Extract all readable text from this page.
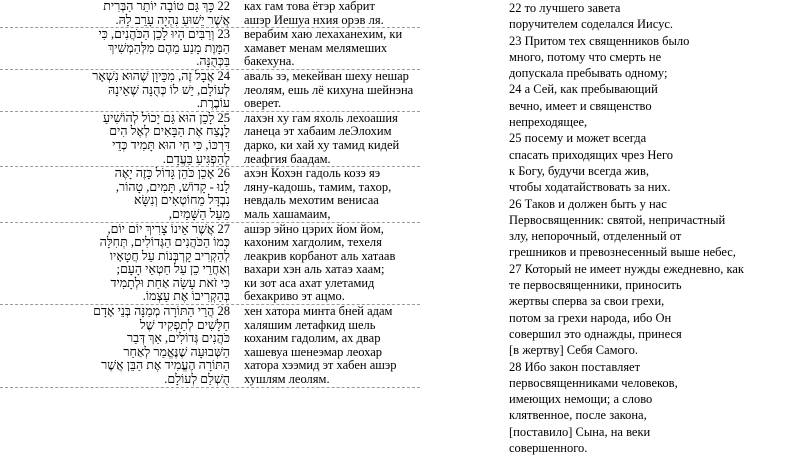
22 כָּךְ גַּם טוֹבָה יוֹתֵר הַבְּרִית
אֲשֶׁר יֵשׁוּעַ נִהְיָה עָרֵב לָהּ.
ках гам това ётэр хабрит
ашэр Иешуа нхия орэв ля.
23 וְרַבִּים הָיוּ לָכֵן הַכֹּהֲנִים, כִּי
הַמָּוֶת מָנַע מֵהֶם מִלְּהַמְשִׁיךְ
בַּכְּהֻנָּה.
верабим хаю лехаханехим, ки
хамавет менам мелямеших
бакехуна.
24 אֲבָל זֶה, מִכֵּיוָן שֶׁהוּא נִשְׁאָר
לְעוֹלָם, יֵשׁ לוֹ כְּהֻנָּה שֶׁאֵינָהּ
עוֹבֶרֶת.
аваль зэ, мекейван шеху нешар
леолям, ешь лё кихуна шейнэна
оверет.
25 לָכֵן הוּא גַּם יָכוֹל לְהוֹשִׁיעַ
לָנֶצַח אֶת הַבָּאִים לְאֶל הִים
דַּרְכּוֹ, כִּי חַי הוּא תָּמִיד כְּדֵי
לְהַפְגִּיעַ בַּעֲדָם.
лахэн ху гам яхоль лехоашия
ланеца эт хабаим леЭлохим
дарко, ки хай ху тамид кидей
леафгия баадам.
26 אָכֵן כֹּהֵן גָּדוֹל כָּזֶה יָאֶה
לָנוּ - קָדוֹשׁ, תָּמִים, טָהוֹר,
נִבְדָּל מֵחוֹטְאִים וְנִשָּׂא
מֵעַל הַשָּׁמַיִם,
ахэн Кохэн гадоль козэ яэ
ляну-кадошь, тамим, тахор,
невдаль мехотим венисаа
маль хашамаим,
27 אֲשֶׁר אֵינוֹ צָרִיךְ יוֹם יוֹם,
כְּמוֹ הַכֹּהֲנִים הַגְּדוֹלִים, תְּחִלָּה
לְהַקְרִיב קָרְבְּנוֹת עַל חֲטָאָיו
וְאַחֲרֵי כֵן עַל חַטְאֵי הָעָם;
כִּי זֹאת עָשָׂה אַחַת וּלְתָמִיד
בְּהַקְרִיבוֹ אֶת עַצְמוֹ.
ашэр эйно цэрих йом йом,
кахоним хагдолим, техеля
леакрив корбанот аль хатаав
вахари хэн аль хатаэ хаам;
ки зот аса ахат улетамид
бехакриво эт ацмо.
28 הֲרֵי הַתּוֹרָה מְמַנָּה בְּנֵי אָדָם
חַלָּשִׁים לְתַפְקִיד שֶׁל
כֹּהֲנִים גְּדוֹלִים, אַךְ דְּבַר
הַשְּׁבוּעָה שֶׁנֶּאֱמַר לְאַחַר
הַתּוֹרָה הֶעֱמִיד אֶת הַבֵּן אֲשֶׁר
הֻשְׁלַם לְעוֹלָם.
хен хатора минта бней адам
халяшим летафкид шель
коханим гадолим, ах двар
хашевуа шенеэмар леохар
хатора хээмид эт хабен ашэр
хушлям леолям.
22 то лучшего завета
поручителем соделался Иисус.
23 Притом тех священников было
много, потому что смерть не
допускала пребывать одному;
24 а Сей, как пребывающий
вечно, имеет и священство
непреходящее,
25 посему и может всегда
спасать приходящих чрез Него
к Богу, будучи всегда жив,
чтобы ходатайствовать за них.
26 Таков и должен быть у нас
Первосвященник: святой, непричастный
злу, непорочный, отделенный от
грешников и превознесенный выше небес,
27 Который не имеет нужды ежедневно, как
те первосвященники, приносить
жертвы сперва за свои грехи,
потом за грехи народа, ибо Он
совершил это однажды, принеся
[в жертву] Себя Самого.
28 Ибо закон поставляет
первосвященниками человеков,
имеющих немощи; а слово
клятвенное, после закона,
[поставило] Сына, на веки
совершенного.
